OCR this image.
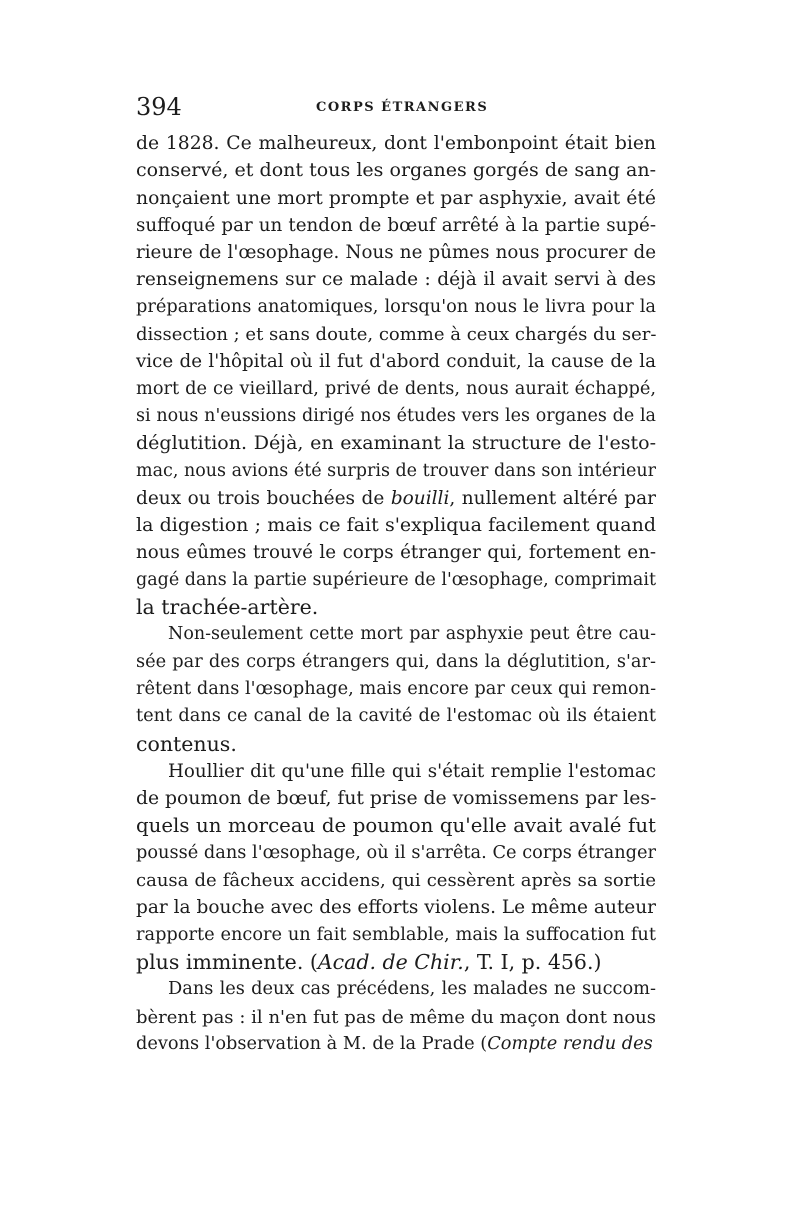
394	CORPS ÉTRANGERS
de 1828. Ce malheureux, dont l'embonpoint était bien
conservé, et dont tous les organes gorgés de sang an-
nonçaient une mort prompte et par asphyxie, avait été
suffoqué par un tendon de bœuf arrêté à la partie supé-
rieure de l'œsophage. Nous ne pûmes nous procurer de
renseignemens sur ce malade : déjà il avait servi à des
préparations anatomiques, lorsqu'on nous le livra pour la
dissection ; et sans doute, comme à ceux chargés du ser-
vice de l'hôpital où il fut d'abord conduit, la cause de la
mort de ce vieillard, privé de dents, nous aurait échappé,
si nous n'eussions dirigé nos études vers les organes de la
déglutition. Déjà, en examinant la structure de l'esto-
mac, nous avions été surpris de trouver dans son intérieur
deux ou trois bouchées de bouilli, nullement altéré par
la digestion ; mais ce fait s'expliqua facilement quand
nous eûmes trouvé le corps étranger qui, fortement en-
gagé dans la partie supérieure de l'œsophage, comprimait
la trachée-artère.
Non-seulement cette mort par asphyxie peut être cau-
sée par des corps étrangers qui, dans la déglutition, s'ar-
rêtent dans l'œsophage, mais encore par ceux qui remon-
tent dans ce canal de la cavité de l'estomac où ils étaient
contenus.
Houllier dit qu'une fille qui s'était remplie l'estomac
de poumon de bœuf, fut prise de vomissemens par les-
quels un morceau de poumon qu'elle avait avalé fut
poussé dans l'œsophage, où il s'arrêta. Ce corps étranger
causa de fâcheux accidens, qui cessèrent après sa sortie
par la bouche avec des efforts violens. Le même auteur
rapporte encore un fait semblable, mais la suffocation fut
plus imminente. (Acad. de Chir., T. I, p. 456.)
Dans les deux cas précédens, les malades ne succom-
bèrent pas : il n'en fut pas de même du maçon dont nous
devons l'observation à M. de la Prade (Compte rendu des
